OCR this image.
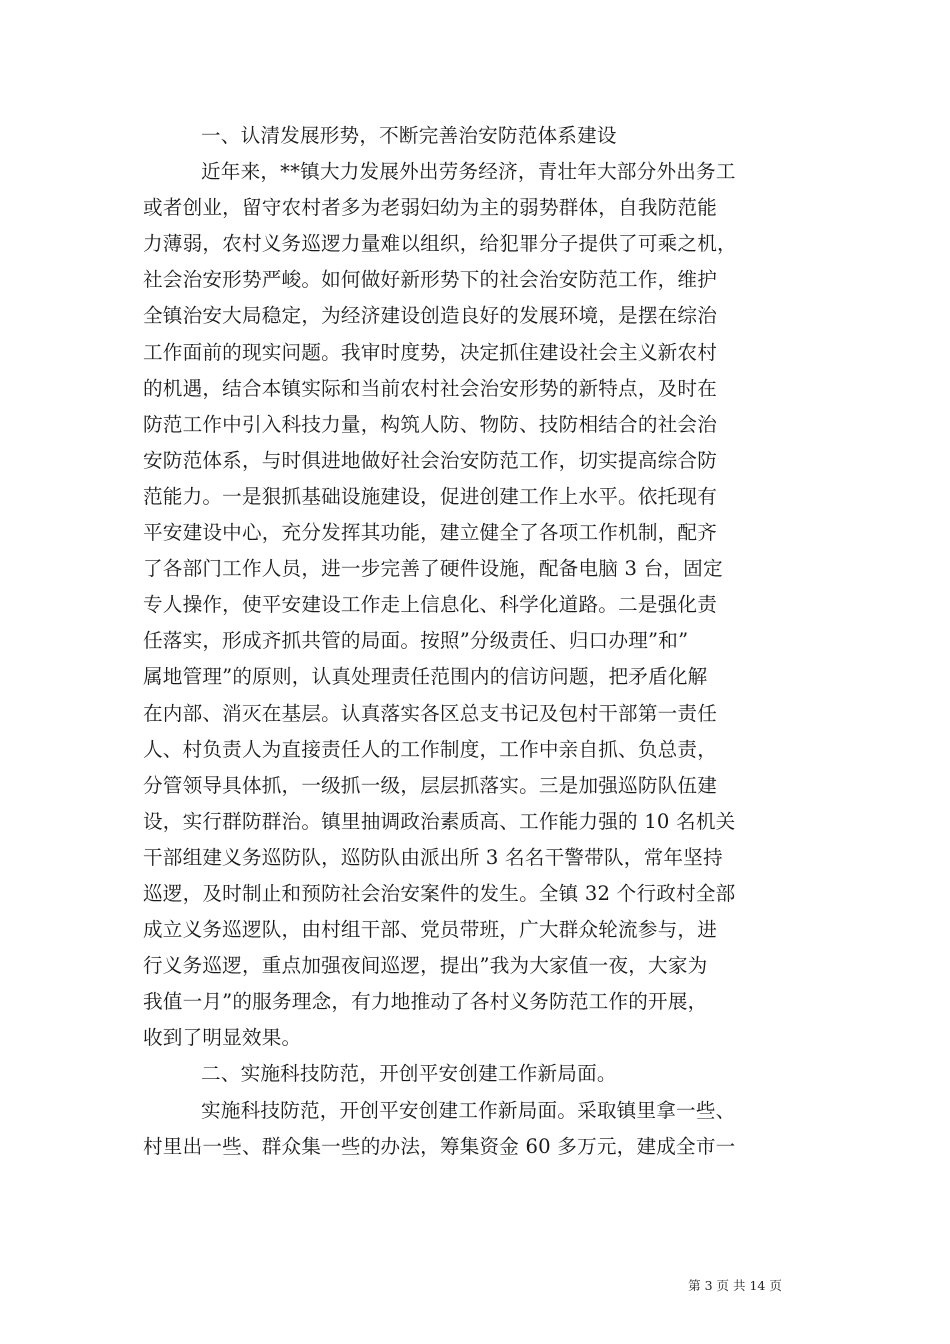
一、认清发展形势，不断完善治安防范体系建设
近年来，**镇大力发展外出劳务经济，青壮年大部分外出务工
或者创业，留守农村者多为老弱妇幼为主的弱势群体，自我防范能
力薄弱，农村义务巡逻力量难以组织，给犯罪分子提供了可乘之机，
社会治安形势严峻。如何做好新形势下的社会治安防范工作，维护
全镇治安大局稳定，为经济建设创造良好的发展环境，是摆在综治
工作面前的现实问题。我审时度势，决定抓住建设社会主义新农村
的机遇，结合本镇实际和当前农村社会治安形势的新特点，及时在
防范工作中引入科技力量，构筑人防、物防、技防相结合的社会治
安防范体系，与时俱进地做好社会治安防范工作，切实提高综合防
范能力。一是狠抓基础设施建设，促进创建工作上水平。依托现有
平安建设中心，充分发挥其功能，建立健全了各项工作机制，配齐
了各部门工作人员，进一步完善了硬件设施，配备电脑 3 台，固定
专人操作，使平安建设工作走上信息化、科学化道路。二是强化责
任落实，形成齐抓共管的局面。按照”分级责任、归口办理”和”
属地管理”的原则，认真处理责任范围内的信访问题，把矛盾化解
在内部、消灭在基层。认真落实各区总支书记及包村干部第一责任
人、村负责人为直接责任人的工作制度，工作中亲自抓、负总责，
分管领导具体抓，一级抓一级，层层抓落实。三是加强巡防队伍建
设，实行群防群治。镇里抽调政治素质高、工作能力强的 10 名机关
干部组建义务巡防队，巡防队由派出所 3 名名干警带队，常年坚持
巡逻，及时制止和预防社会治安案件的发生。全镇 32 个行政村全部
成立义务巡逻队，由村组干部、党员带班，广大群众轮流参与，进
行义务巡逻，重点加强夜间巡逻，提出”我为大家值一夜，大家为
我值一月”的服务理念，有力地推动了各村义务防范工作的开展，
收到了明显效果。
二、实施科技防范，开创平安创建工作新局面。
实施科技防范，开创平安创建工作新局面。采取镇里拿一些、
村里出一些、群众集一些的办法，筹集资金 60 多万元，建成全市一
第 3 页 共 14 页
